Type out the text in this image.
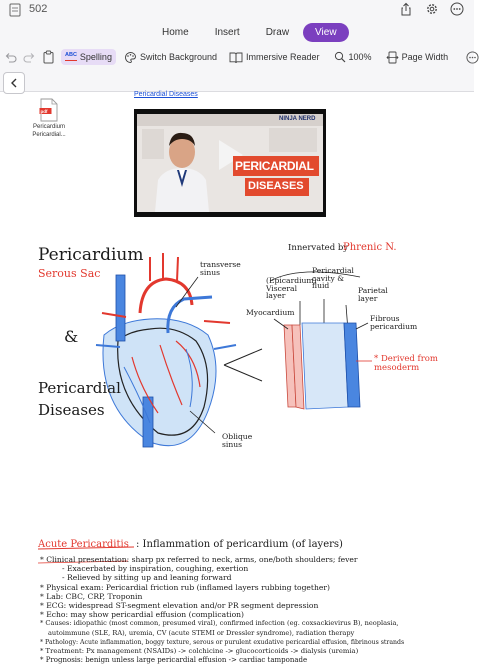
502
Home	Insert	Draw	View
ABC Spelling	Switch Background	Immersive Reader	100%	Page Width
pdf
Pericardium
Pericardial...
Pericardial Diseases
NINJA NERD
PERICARDIAL
DISEASES
Pericardium
Serous Sac
&
Pericardial
Diseases
transverse sinus
Oblique sinus
Innervated by
Phrenic N.
(Epicardium) Visceral layer
Pericardial cavity & fluid
Parietal layer
Myocardium
Fibrous pericardium
* Derived from mesoderm
Acute Pericarditis : Inflammation of pericardium (of layers)
* Clinical presentation: sharp px referred to neck, arms, one/both shoulders; fever
- Exacerbated by inspiration, coughing, exertion
- Relieved by sitting up and leaning forward
* Physical exam: Pericardial friction rub (inflamed layers rubbing together)
* Lab: CBC, CRP, Troponin
* ECG: widespread ST-segment elevation and/or PR segment depression
* Echo: may show pericardial effusion (complication)
* Causes: idiopathic (most common, presumed viral), confirmed infection (eg. coxsackievirus B), neoplasia,
autoimmune (SLE, RA), uremia, CV (acute STEMI or Dressler syndrome), radiation therapy
* Pathology: Acute inflammation, boggy texture, serous or purulent exudative pericardial effusion, fibrinous strands
* Treatment: Px management (NSAIDs) -> colchicine -> glucocorticoids -> dialysis (uremia)
* Prognosis: benign unless large pericardial effusion -> cardiac tamponade
